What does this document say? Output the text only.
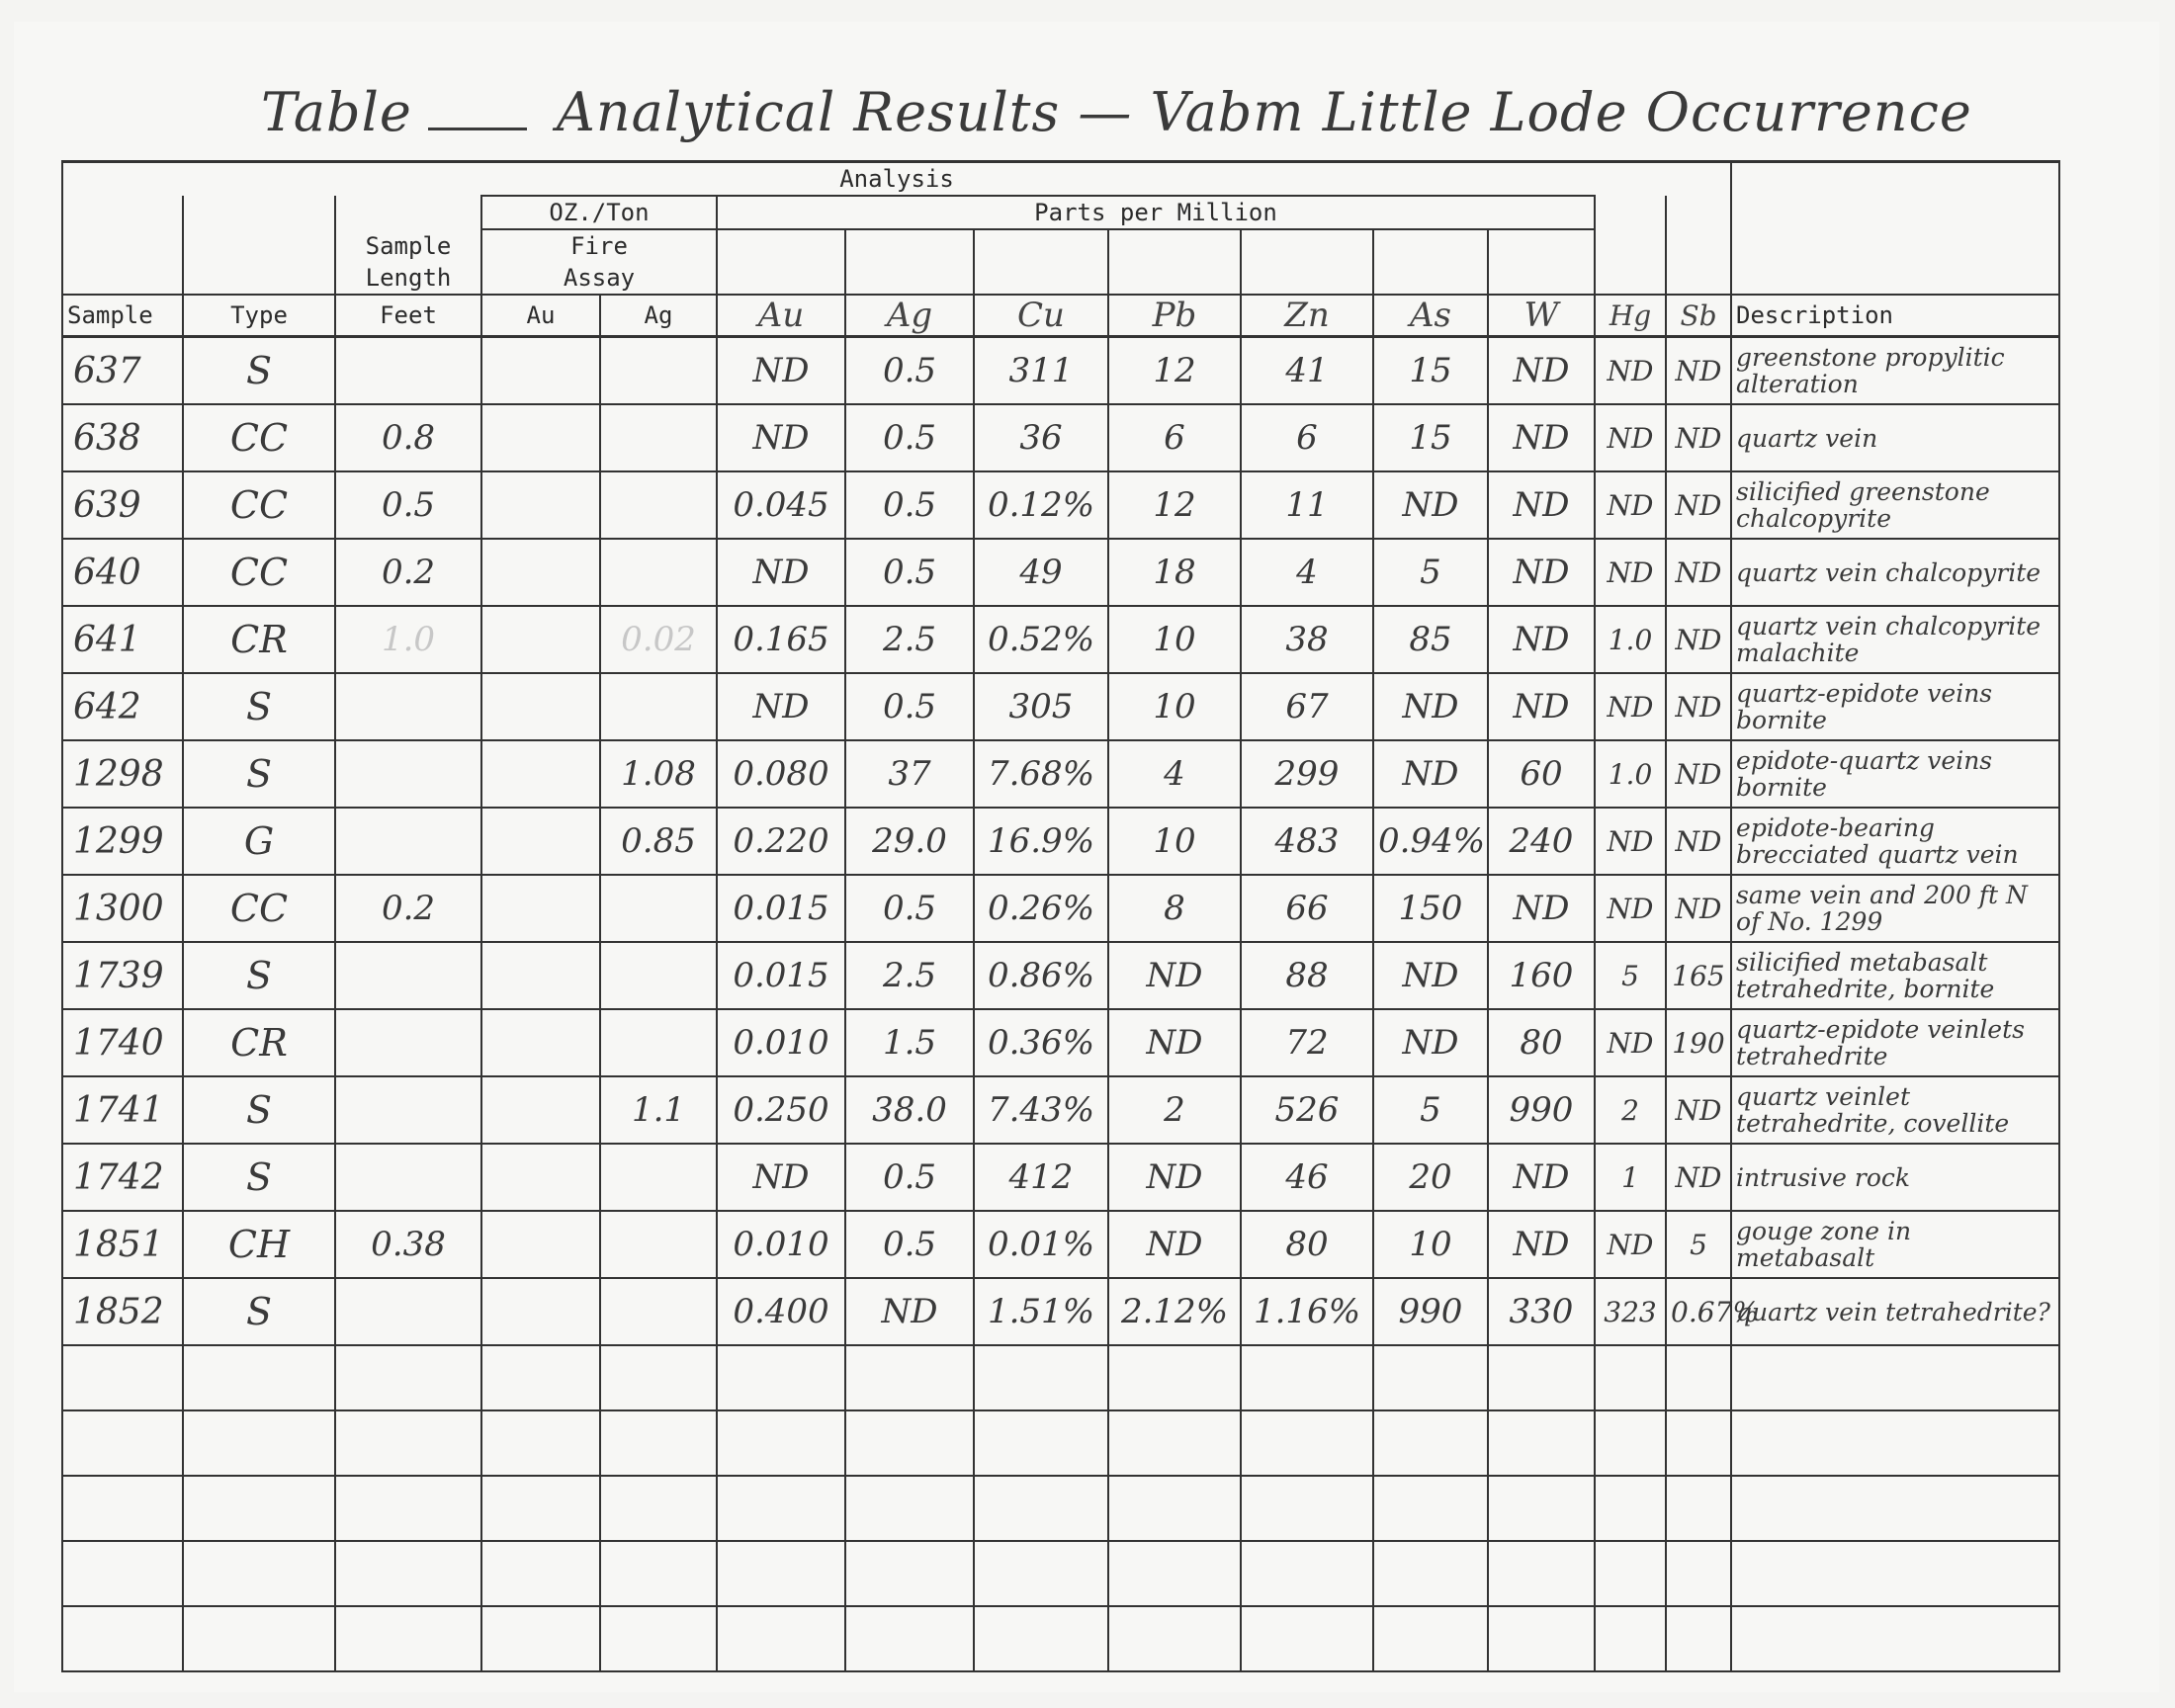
Table	Analytical Results — Vabm Little Lode Occurrence
Analysis														
			OZ./Ton		Parts per Million									
		Sample	Fire											
		Length	Assay											
Sample	Type	Feet	Au	Ag	Au	Ag	Cu	Pb	Zn	As	W	Hg	Sb	Description
637	S				ND	0.5	311	12	41	15	ND	ND	ND	greenstone propylitic alteration
638	CC	0.8			ND	0.5	36	6	6	15	ND	ND	ND	quartz vein
639	CC	0.5			0.045	0.5	0.12%	12	11	ND	ND	ND	ND	silicified greenstone chalcopyrite
640	CC	0.2			ND	0.5	49	18	4	5	ND	ND	ND	quartz vein chalcopyrite
641	CR	1.0		0.02	0.165	2.5	0.52%	10	38	85	ND	1.0	ND	quartz vein chalcopyrite malachite
642	S				ND	0.5	305	10	67	ND	ND	ND	ND	quartz-epidote veins bornite
1298	S			1.08	0.080	37	7.68%	4	299	ND	60	1.0	ND	epidote-quartz veins bornite
1299	G			0.85	0.220	29.0	16.9%	10	483	0.94%	240	ND	ND	epidote-bearing brecciated quartz vein
1300	CC	0.2			0.015	0.5	0.26%	8	66	150	ND	ND	ND	same vein and 200 ft N of No. 1299
1739	S				0.015	2.5	0.86%	ND	88	ND	160	5	165	silicified metabasalt tetrahedrite, bornite
1740	CR				0.010	1.5	0.36%	ND	72	ND	80	ND	190	quartz-epidote veinlets tetrahedrite
1741	S			1.1	0.250	38.0	7.43%	2	526	5	990	2	ND	quartz veinlet tetrahedrite, covellite
1742	S				ND	0.5	412	ND	46	20	ND	1	ND	intrusive rock
1851	CH	0.38			0.010	0.5	0.01%	ND	80	10	ND	ND	5	gouge zone in metabasalt
1852	S				0.400	ND	1.51%	2.12%	1.16%	990	330	323	0.67%	quartz vein tetrahedrite?
